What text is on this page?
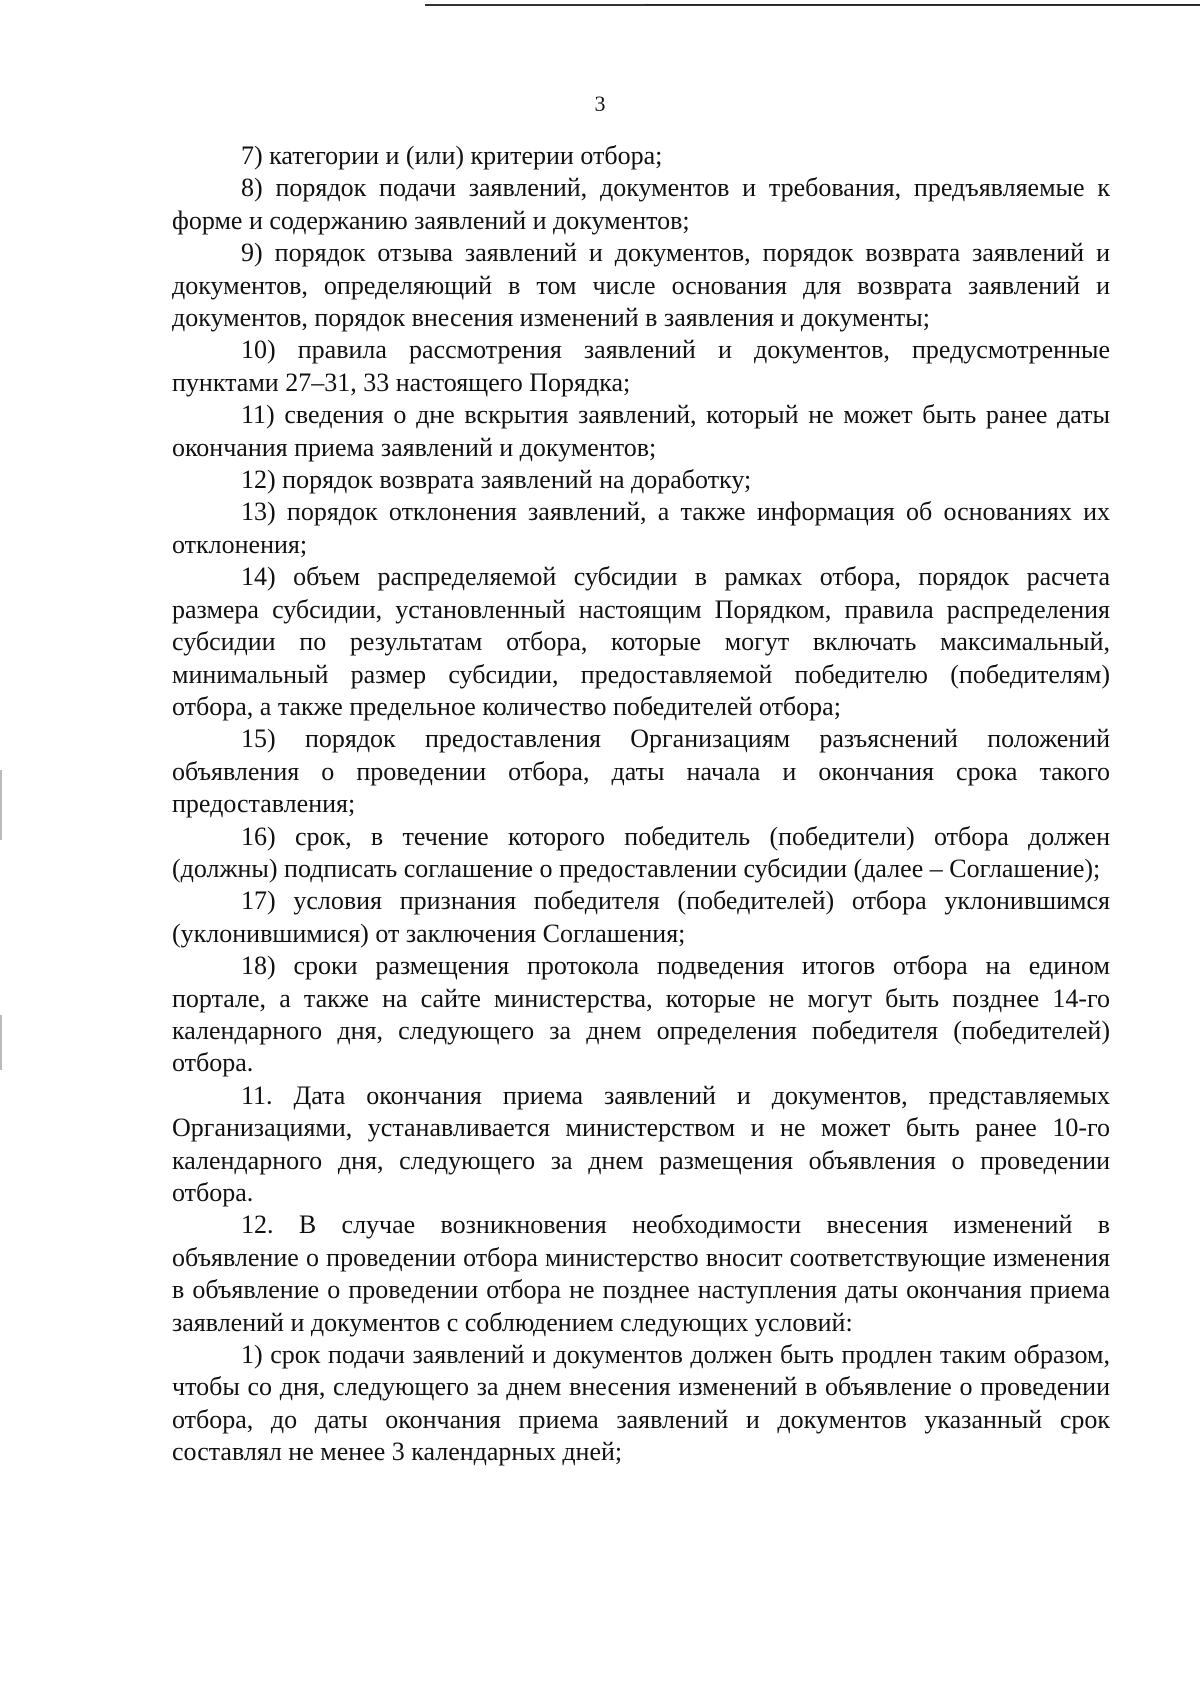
3

7) категории и (или) критерии отбора;

8) порядок подачи заявлений, документов и требования, предъявляемые к форме и содержанию заявлений и документов;

9) порядок отзыва заявлений и документов, порядок возврата заявлений и документов, определяющий в том числе основания для возврата заявлений и документов, порядок внесения изменений в заявления и документы;

10) правила рассмотрения заявлений и документов, предусмотренные пунктами 27–31, 33 настоящего Порядка;

11) сведения о дне вскрытия заявлений, который не может быть ранее даты окончания приема заявлений и документов;

12) порядок возврата заявлений на доработку;

13) порядок отклонения заявлений, а также информация об основаниях их отклонения;

14) объем распределяемой субсидии в рамках отбора, порядок расчета размера субсидии, установленный настоящим Порядком, правила распределения субсидии по результатам отбора, которые могут включать максимальный, минимальный размер субсидии, предоставляемой победителю (победителям) отбора, а также предельное количество победителей отбора;

15) порядок предоставления Организациям разъяснений положений объявления о проведении отбора, даты начала и окончания срока такого предоставления;

16) срок, в течение которого победитель (победители) отбора должен (должны) подписать соглашение о предоставлении субсидии (далее – Соглашение);

17) условия признания победителя (победителей) отбора уклонившимся (уклонившимися) от заключения Соглашения;

18) сроки размещения протокола подведения итогов отбора на едином портале, а также на сайте министерства, которые не могут быть позднее 14-го календарного дня, следующего за днем определения победителя (победителей) отбора.

11. Дата окончания приема заявлений и документов, представляемых Организациями, устанавливается министерством и не может быть ранее 10-го календарного дня, следующего за днем размещения объявления о проведении отбора.

12. В случае возникновения необходимости внесения изменений в объявление о проведении отбора министерство вносит соответствующие изменения в объявление о проведении отбора не позднее наступления даты окончания приема заявлений и документов с соблюдением следующих условий:

1) срок подачи заявлений и документов должен быть продлен таким образом, чтобы со дня, следующего за днем внесения изменений в объявление о проведении отбора, до даты окончания приема заявлений и документов указанный срок составлял не менее 3 календарных дней;
